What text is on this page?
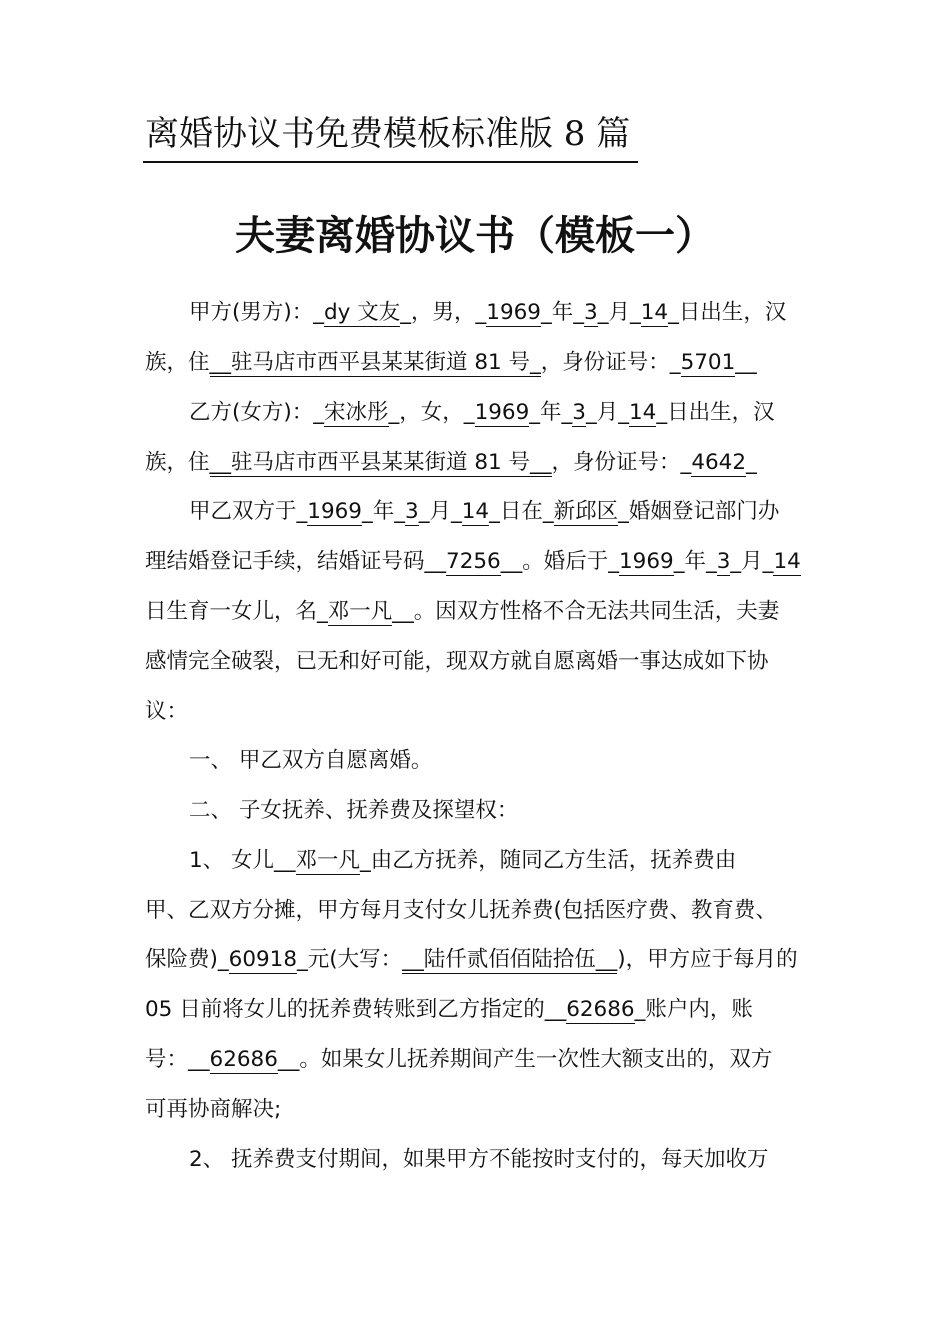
离婚协议书免费模板标准版 8 篇
夫妻离婚协议书（模板一）
甲方(男方)：_dy 文友_，男，_1969_年_3_月_14_日出生，汉
族，住__驻马店市西平县某某街道 81 号_，身份证号：_5701__
乙方(女方)：_宋冰彤_，女，_1969_年_3_月_14_日出生，汉
族，住__驻马店市西平县某某街道 81 号__，身份证号：_4642_
甲乙双方于_1969_年_3_月_14_日在_新邱区_婚姻登记部门办
理结婚登记手续，结婚证号码__7256__。婚后于_1969_年_3_月_14
日生育一女儿，名_邓一凡__。因双方性格不合无法共同生活，夫妻
感情完全破裂，已无和好可能，现双方就自愿离婚一事达成如下协
议：
一、 甲乙双方自愿离婚。
二、 子女抚养、抚养费及探望权：
1、 女儿__邓一凡_由乙方抚养，随同乙方生活，抚养费由
甲、乙双方分摊，甲方每月支付女儿抚养费(包括医疗费、教育费、
保险费)_60918_元(大写：__陆仟贰佰佰陆拾伍__)，甲方应于每月的
05 日前将女儿的抚养费转账到乙方指定的__62686_账户内，账
号：__62686__。如果女儿抚养期间产生一次性大额支出的，双方
可再协商解决;
2、 抚养费支付期间，如果甲方不能按时支付的，每天加收万
